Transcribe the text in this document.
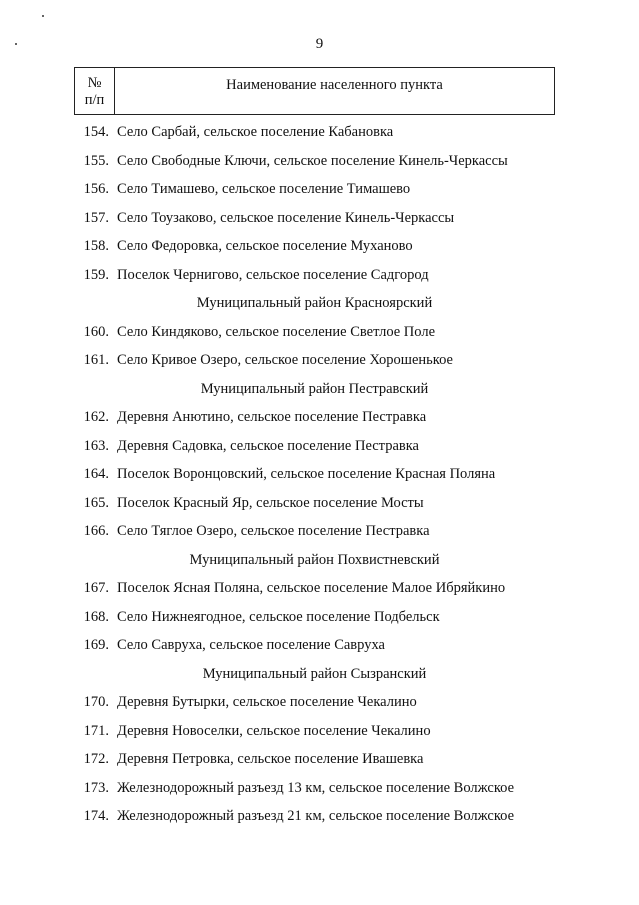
9
№
п/п
Наименование населенного пункта
154. Село Сарбай, сельское поселение Кабановка
155. Село Свободные Ключи, сельское поселение Кинель-Черкассы
156. Село Тимашево, сельское поселение Тимашево
157. Село Тоузаково, сельское поселение Кинель-Черкассы
158. Село Федоровка, сельское поселение Муханово
159. Поселок Чернигово, сельское поселение Садгород
Муниципальный район Красноярский
160. Село Киндяково, сельское поселение Светлое Поле
161. Село Кривое Озеро, сельское поселение Хорошенькое
Муниципальный район Пестравский
162. Деревня Анютино, сельское поселение Пестравка
163. Деревня Садовка, сельское поселение Пестравка
164. Поселок Воронцовский, сельское поселение Красная Поляна
165. Поселок Красный Яр, сельское поселение Мосты
166. Село Тяглое Озеро, сельское поселение Пестравка
Муниципальный район Похвистневский
167. Поселок Ясная Поляна, сельское поселение Малое Ибряйкино
168. Село Нижнеягодное, сельское поселение Подбельск
169. Село Савруха, сельское поселение Савруха
Муниципальный район Сызранский
170. Деревня Бутырки, сельское поселение Чекалино
171. Деревня Новоселки, сельское поселение Чекалино
172. Деревня Петровка, сельское поселение Ивашевка
173. Железнодорожный разъезд 13 км, сельское поселение Волжское
174. Железнодорожный разъезд 21 км, сельское поселение Волжское
